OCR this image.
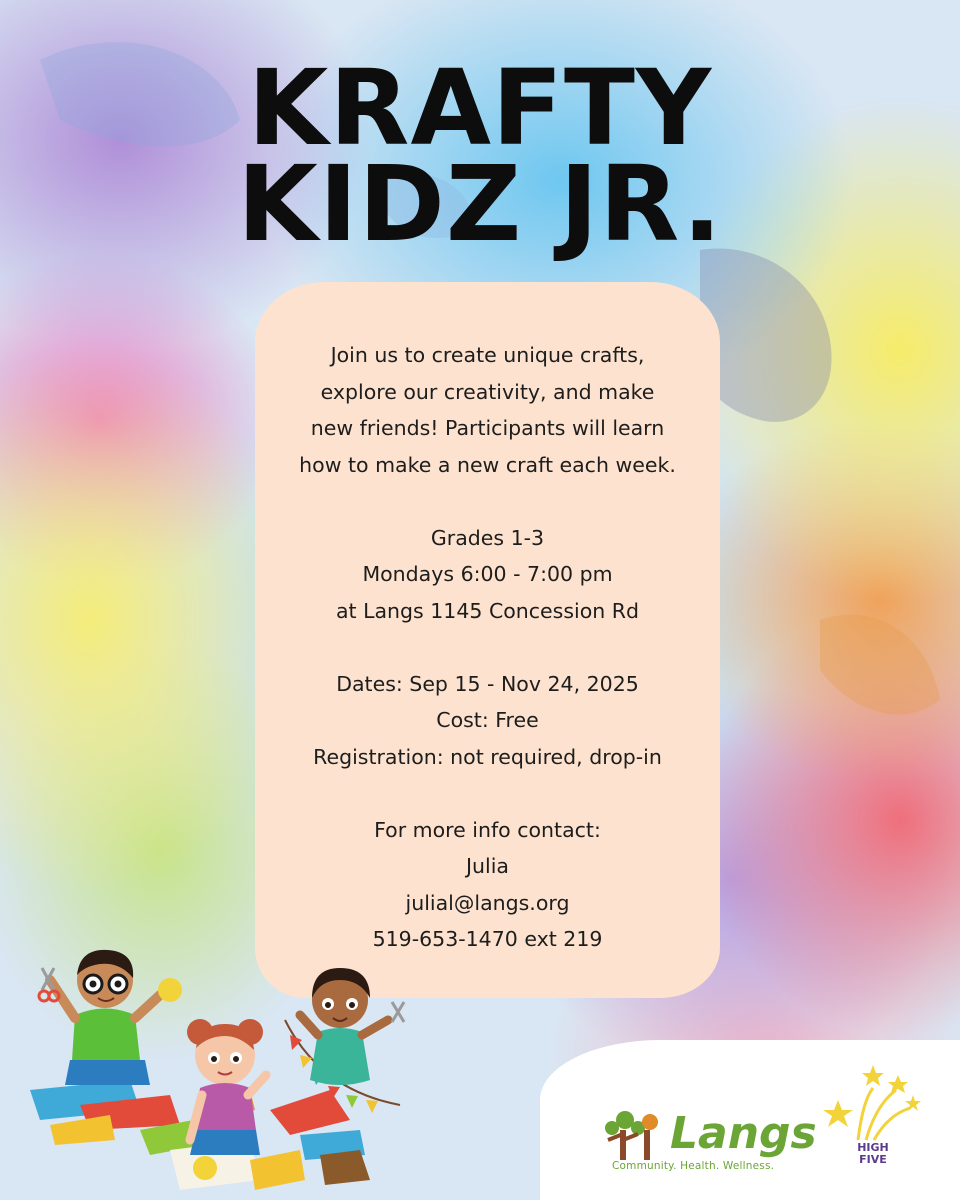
KRAFTY
KIDZ JR.
Join us to create unique crafts,
explore our creativity, and make
new friends! Participants will learn
how to make a new craft each week.
Grades 1-3
Mondays 6:00 - 7:00 pm
at Langs 1145 Concession Rd
Dates: Sep 15 - Nov 24, 2025
Cost: Free
Registration: not required, drop-in
For more info contact:
Julia
julial@langs.org
519-653-1470 ext 219
Langs
Community. Health. Wellness.
HIGH
FIVE
